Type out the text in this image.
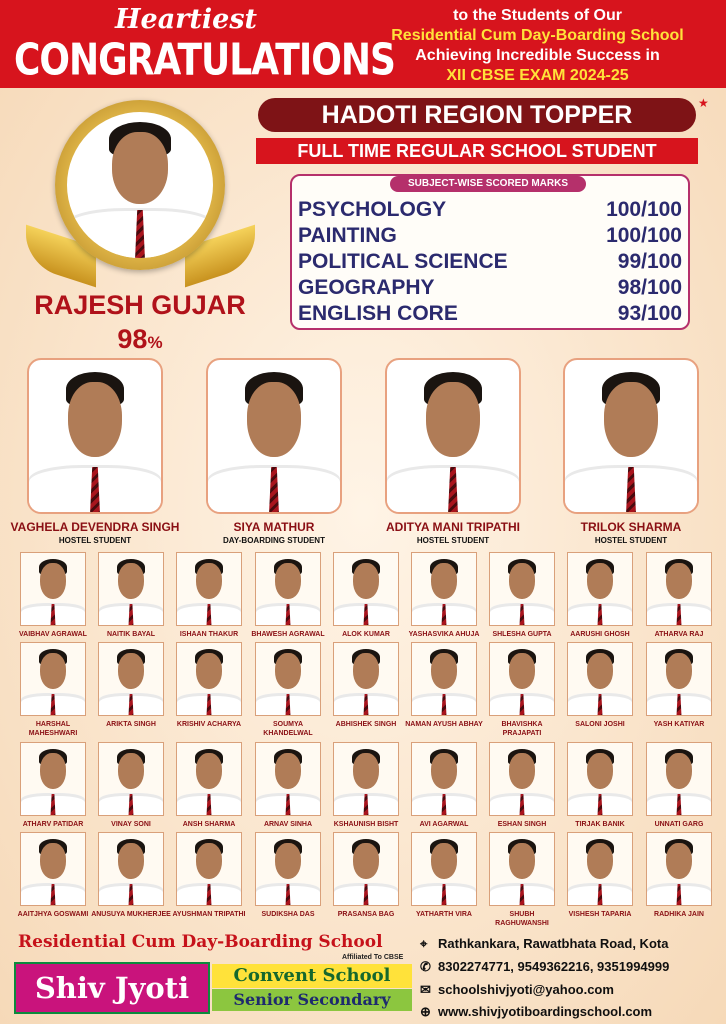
Heartiest
CONGRATULATIONS
to the Students of Our
Residential Cum Day-Boarding School
Achieving Incredible Success in
XII CBSE EXAM 2024-25
RAJESH GUJAR
98%
HADOTI REGION TOPPER	★
FULL TIME REGULAR SCHOOL STUDENT
SUBJECT-WISE SCORED MARKS
PSYCHOLOGY	100/100
PAINTING	100/100
POLITICAL SCIENCE	99/100
GEOGRAPHY	98/100
ENGLISH CORE	93/100
VAGHELA DEVENDRA SINGH
HOSTEL STUDENT
SIYA MATHUR
DAY-BOARDING STUDENT
ADITYA MANI TRIPATHI
HOSTEL STUDENT
TRILOK SHARMA
HOSTEL STUDENT
VAIBHAV AGRAWAL	NAITIK BAYAL	ISHAAN THAKUR	BHAWESH AGRAWAL	ALOK KUMAR	YASHASVIKA AHUJA	SHLESHA GUPTA	AARUSHI GHOSH	ATHARVA RAJ
HARSHAL MAHESHWARI
ARIKTA SINGH	KRISHIV ACHARYA	SOUMYA KHANDELWAL
ABHISHEK SINGH	NAMAN AYUSH ABHAY	BHAVISHKA PRAJAPATI
SALONI JOSHI	YASH KATIYAR
ATHARV PATIDAR	VINAY SONI	ANSH SHARMA	ARNAV SINHA	KSHAUNISH BISHT	AVI AGARWAL	ESHAN SINGH	TIRJAK BANIK	UNNATI GARG
AAITJHYA GOSWAMI ANUSUYA MUKHERJEE AYUSHMAN TRIPATHI	SUDIKSHA DAS	PRASANSA BAG	YATHARTH VIRA	SHUBH RAGHUWANSHI
VISHESH TAPARIA	RADHIKA JAIN
Residential Cum Day-Boarding School
Affiliated To CBSE
Shiv Jyoti	Convent School
Senior Secondary
⌖ Rathkankara, Rawatbhata Road, Kota
✆ 8302274771, 9549362216, 9351994999
✉ schoolshivjyoti@yahoo.com
⊕ www.shivjyotiboardingschool.com
